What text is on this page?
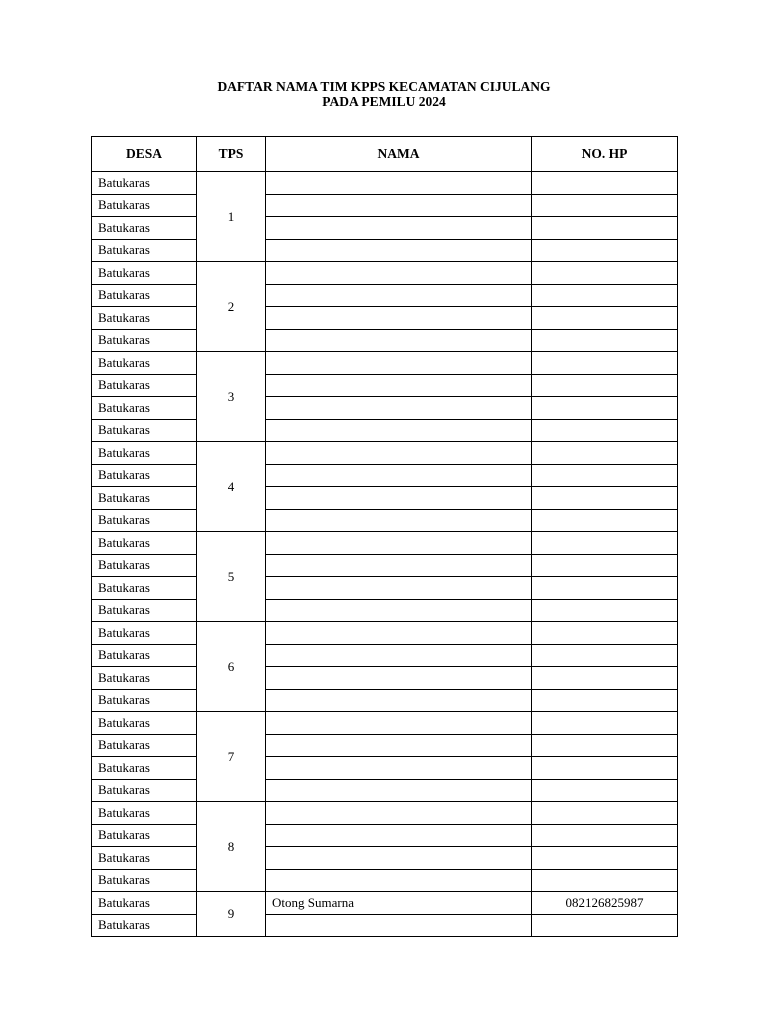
DAFTAR NAMA TIM KPPS KECAMATAN CIJULANG
PADA PEMILU 2024
DESA	TPS	NAMA	NO. HP
Batukaras	1		
Batukaras			
Batukaras			
Batukaras			
Batukaras	2		
Batukaras			
Batukaras			
Batukaras			
Batukaras	3		
Batukaras			
Batukaras			
Batukaras			
Batukaras	4		
Batukaras			
Batukaras			
Batukaras			
Batukaras	5		
Batukaras			
Batukaras			
Batukaras			
Batukaras	6		
Batukaras			
Batukaras			
Batukaras			
Batukaras	7		
Batukaras			
Batukaras			
Batukaras			
Batukaras	8		
Batukaras			
Batukaras			
Batukaras			
Batukaras	9	Otong Sumarna	082126825987
Batukaras			
